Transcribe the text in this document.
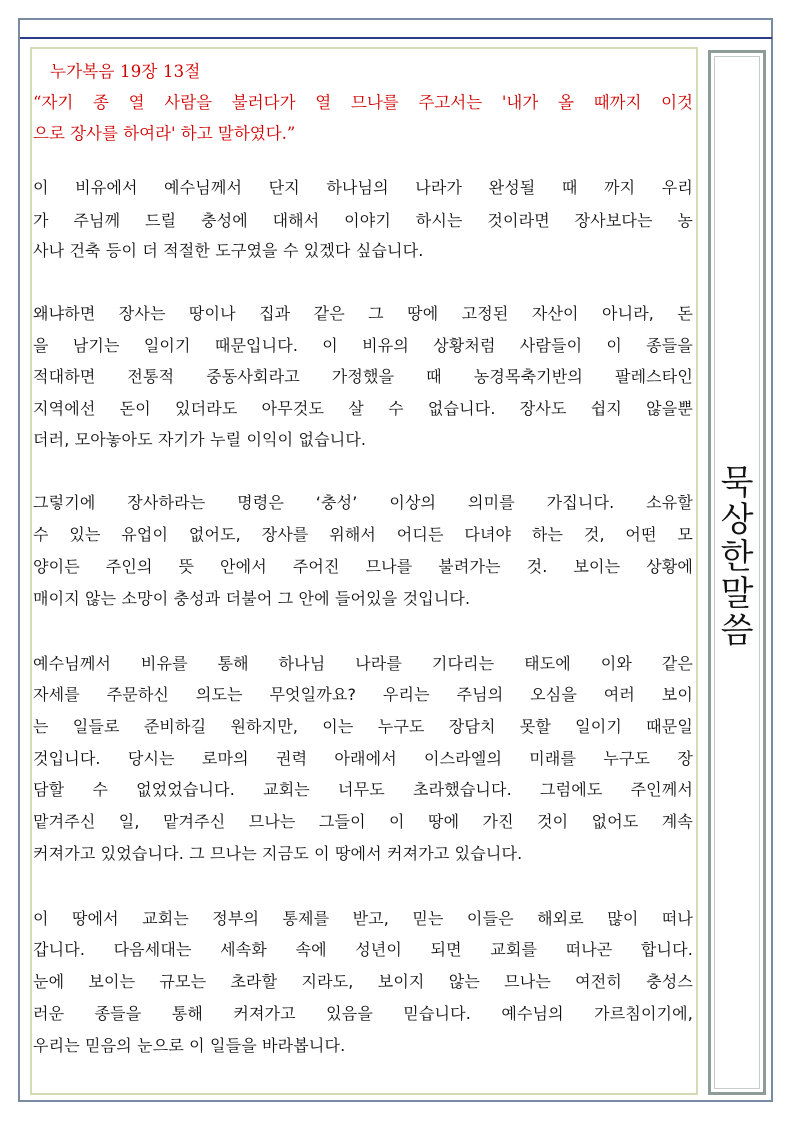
묵
상
한
말
씀
누가복음 19장 13절
“자기 종 열 사람을 불러다가 열 므나를 주고서는 '내가 올 때까지 이것
으로 장사를 하여라' 하고 말하였다.”
이 비유에서 예수님께서 단지 하나님의 나라가 완성될 때 까지 우리
가 주님께 드릴 충성에 대해서 이야기 하시는 것이라면 장사보다는 농
사나 건축 등이 더 적절한 도구였을 수 있겠다 싶습니다.
왜냐하면 장사는 땅이나 집과 같은 그 땅에 고정된 자산이 아니라, 돈
을 남기는 일이기 때문입니다. 이 비유의 상황처럼 사람들이 이 종들을
적대하면 전통적 중동사회라고 가정했을 때 농경목축기반의 팔레스타인
지역에선 돈이 있더라도 아무것도 살 수 없습니다. 장사도 쉽지 않을뿐
더러, 모아놓아도 자기가 누릴 이익이 없습니다.
그렇기에 장사하라는 명령은 ‘충성’ 이상의 의미를 가집니다. 소유할
수 있는 유업이 없어도, 장사를 위해서 어디든 다녀야 하는 것, 어떤 모
양이든 주인의 뜻 안에서 주어진 므나를 불려가는 것. 보이는 상황에
매이지 않는 소망이 충성과 더불어 그 안에 들어있을 것입니다.
예수님께서 비유를 통해 하나님 나라를 기다리는 태도에 이와 같은
자세를 주문하신 의도는 무엇일까요? 우리는 주님의 오심을 여러 보이
는 일들로 준비하길 원하지만, 이는 누구도 장담치 못할 일이기 때문일
것입니다. 당시는 로마의 권력 아래에서 이스라엘의 미래를 누구도 장
담할 수 없었었습니다. 교회는 너무도 초라했습니다. 그럼에도 주인께서
맡겨주신 일, 맡겨주신 므나는 그들이 이 땅에 가진 것이 없어도 계속
커져가고 있었습니다. 그 므나는 지금도 이 땅에서 커져가고 있습니다.
이 땅에서 교회는 정부의 통제를 받고, 믿는 이들은 해외로 많이 떠나
갑니다. 다음세대는 세속화 속에 성년이 되면 교회를 떠나곤 합니다.
눈에 보이는 규모는 초라할 지라도, 보이지 않는 므나는 여전히 충성스
러운 종들을 통해 커져가고 있음을 믿습니다. 예수님의 가르침이기에,
우리는 믿음의 눈으로 이 일들을 바라봅니다.
